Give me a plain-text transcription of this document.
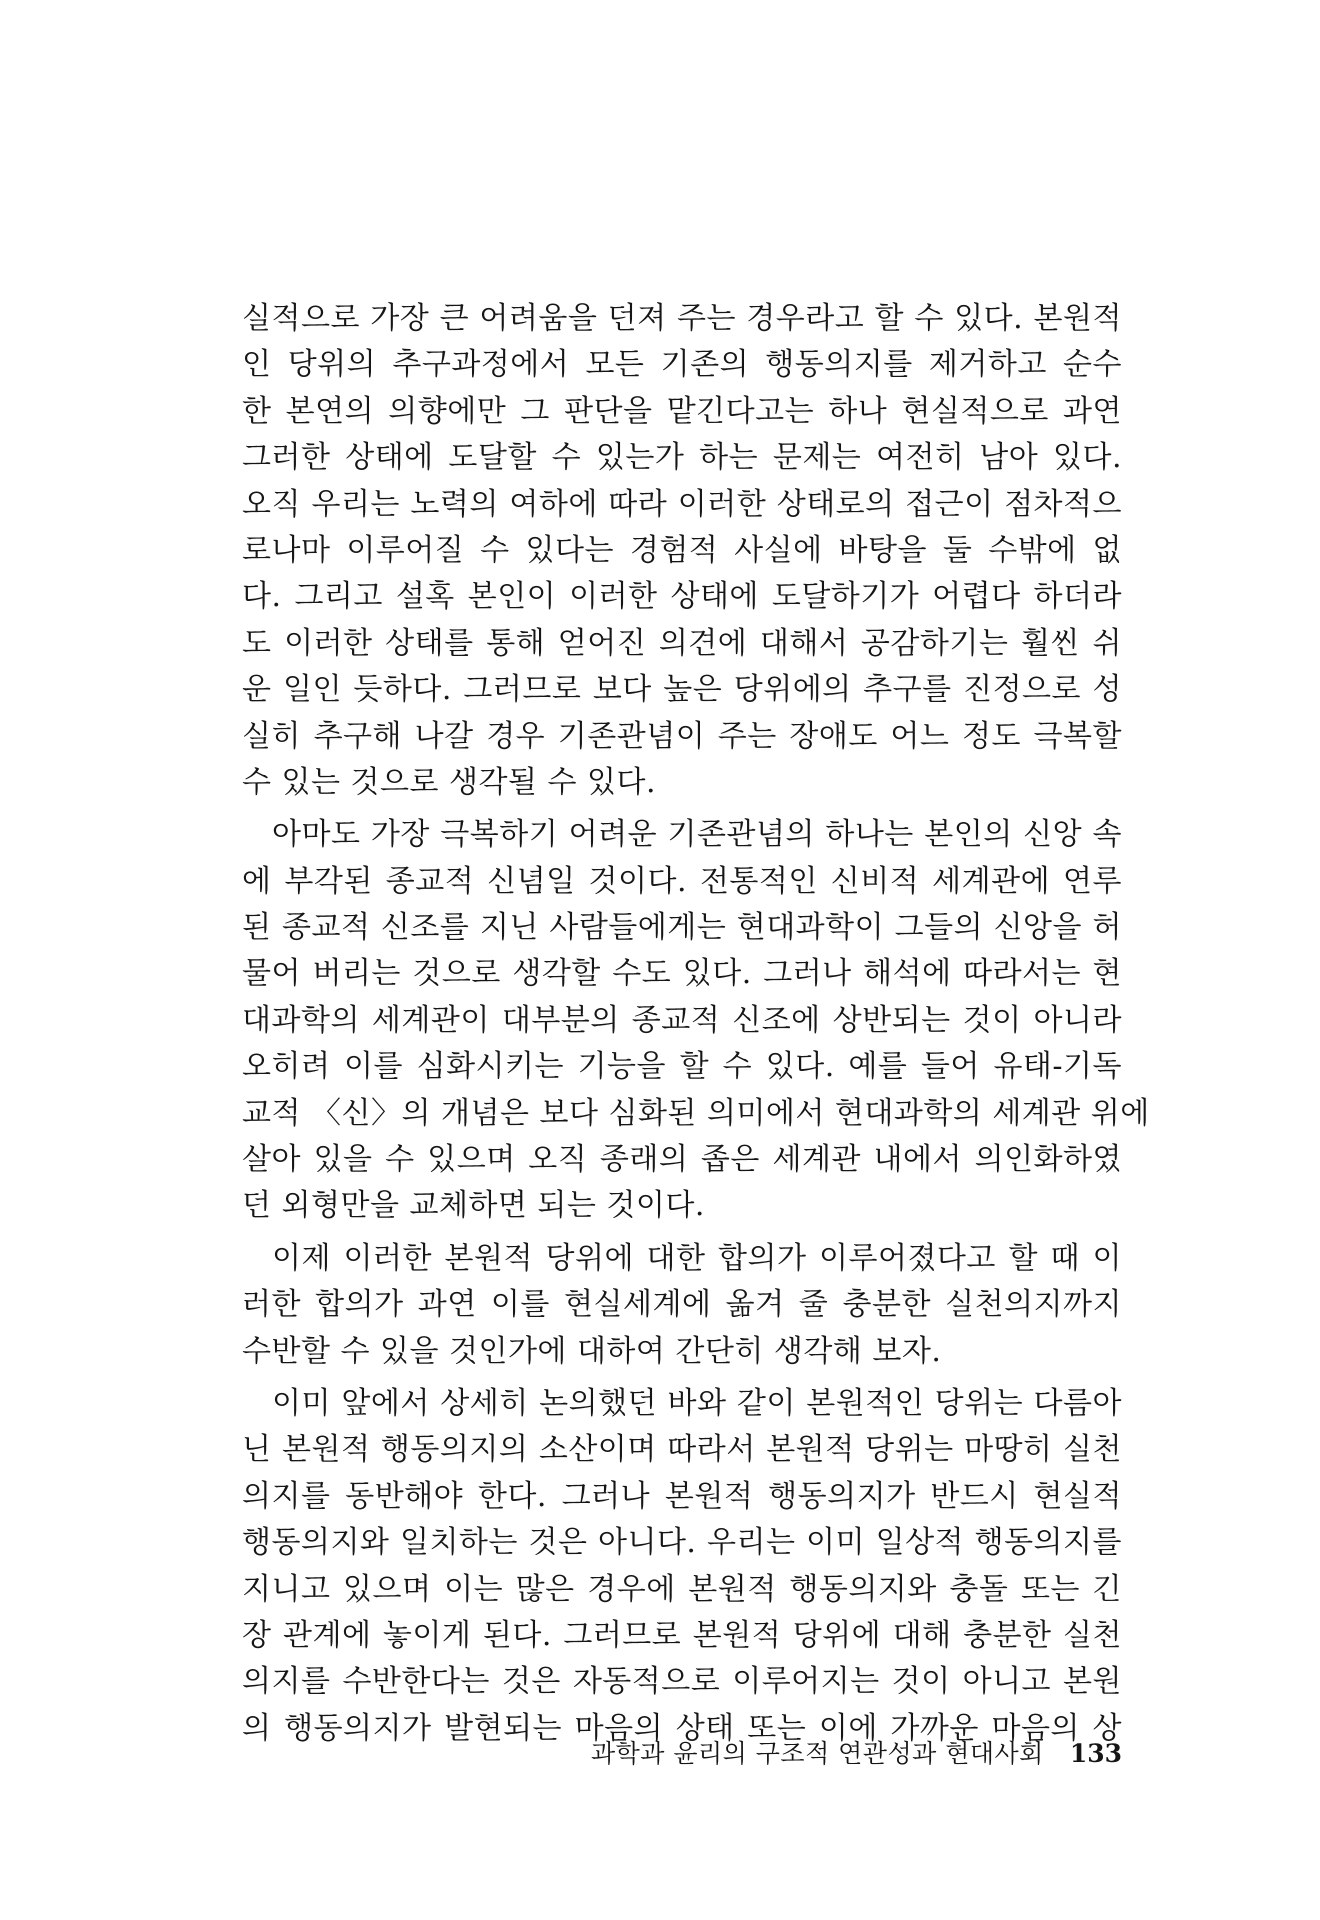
실적으로 가장 큰 어려움을 던져 주는 경우라고 할 수 있다. 본원적
인 당위의 추구과정에서 모든 기존의 행동의지를 제거하고 순수
한 본연의 의향에만 그 판단을 맡긴다고는 하나 현실적으로 과연
그러한 상태에 도달할 수 있는가 하는 문제는 여전히 남아 있다.
오직 우리는 노력의 여하에 따라 이러한 상태로의 접근이 점차적으
로나마 이루어질 수 있다는 경험적 사실에 바탕을 둘 수밖에 없
다. 그리고 설혹 본인이 이러한 상태에 도달하기가 어렵다 하더라
도 이러한 상태를 통해 얻어진 의견에 대해서 공감하기는 훨씬 쉬
운 일인 듯하다. 그러므로 보다 높은 당위에의 추구를 진정으로 성
실히 추구해 나갈 경우 기존관념이 주는 장애도 어느 정도 극복할
수 있는 것으로 생각될 수 있다.
아마도 가장 극복하기 어려운 기존관념의 하나는 본인의 신앙 속
에 부각된 종교적 신념일 것이다. 전통적인 신비적 세계관에 연루
된 종교적 신조를 지닌 사람들에게는 현대과학이 그들의 신앙을 허
물어 버리는 것으로 생각할 수도 있다. 그러나 해석에 따라서는 현
대과학의 세계관이 대부분의 종교적 신조에 상반되는 것이 아니라
오히려 이를 심화시키는 기능을 할 수 있다. 예를 들어 유태-기독
교적 〈신〉의 개념은 보다 심화된 의미에서 현대과학의 세계관 위에
살아 있을 수 있으며 오직 종래의 좁은 세계관 내에서 의인화하였
던 외형만을 교체하면 되는 것이다.
이제 이러한 본원적 당위에 대한 합의가 이루어졌다고 할 때 이
러한 합의가 과연 이를 현실세계에 옮겨 줄 충분한 실천의지까지
수반할 수 있을 것인가에 대하여 간단히 생각해 보자.
이미 앞에서 상세히 논의했던 바와 같이 본원적인 당위는 다름아
닌 본원적 행동의지의 소산이며 따라서 본원적 당위는 마땅히 실천
의지를 동반해야 한다. 그러나 본원적 행동의지가 반드시 현실적
행동의지와 일치하는 것은 아니다. 우리는 이미 일상적 행동의지를
지니고 있으며 이는 많은 경우에 본원적 행동의지와 충돌 또는 긴
장 관계에 놓이게 된다. 그러므로 본원적 당위에 대해 충분한 실천
의지를 수반한다는 것은 자동적으로 이루어지는 것이 아니고 본원
의 행동의지가 발현되는 마음의 상태 또는 이에 가까운 마음의 상
과학과 윤리의 구조적 연관성과 현대사회 133
